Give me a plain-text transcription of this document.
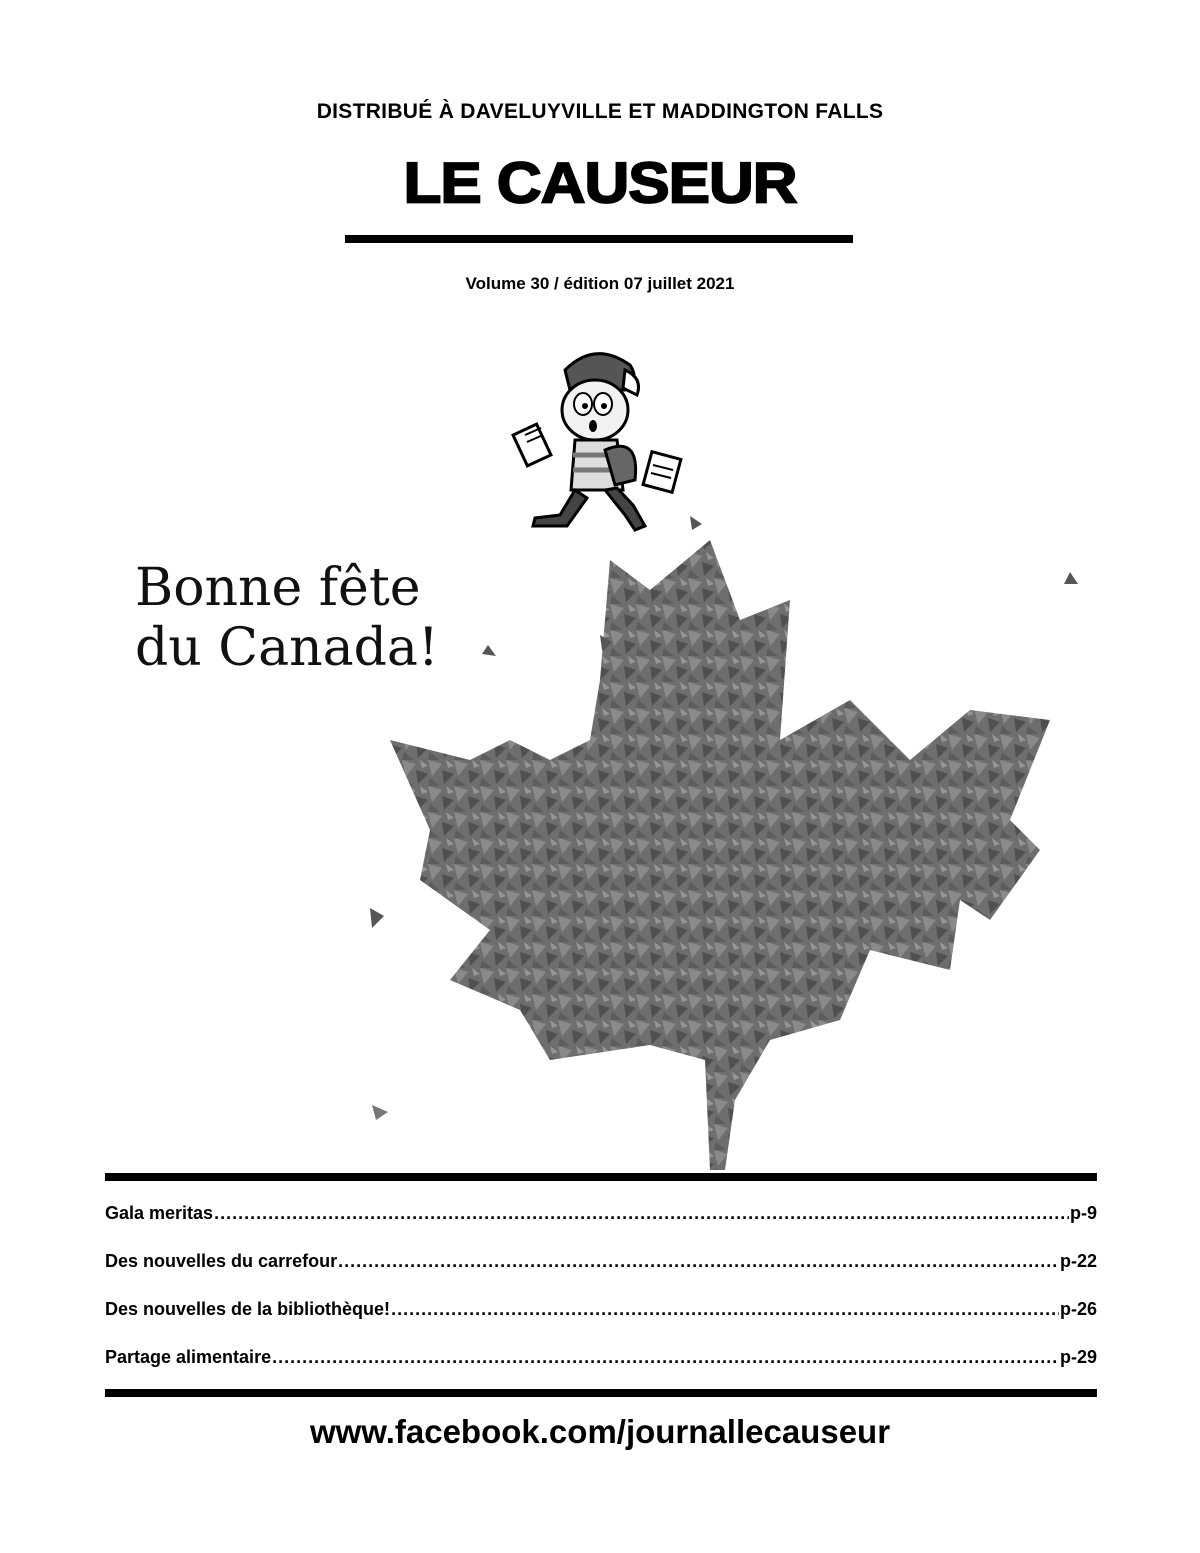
DISTRIBUÉ À DAVELUYVILLE ET MADDINGTON FALLS
LE CAUSEUR
Volume 30 / édition 07 juillet 2021
Bonne fête
du Canada!
Gala meritas .....	p-9
Des nouvelles du carrefour .....	p-22
Des nouvelles de la bibliothèque! .....	p-26
Partage alimentaire .....	p-29
www.facebook.com/journallecauseur
